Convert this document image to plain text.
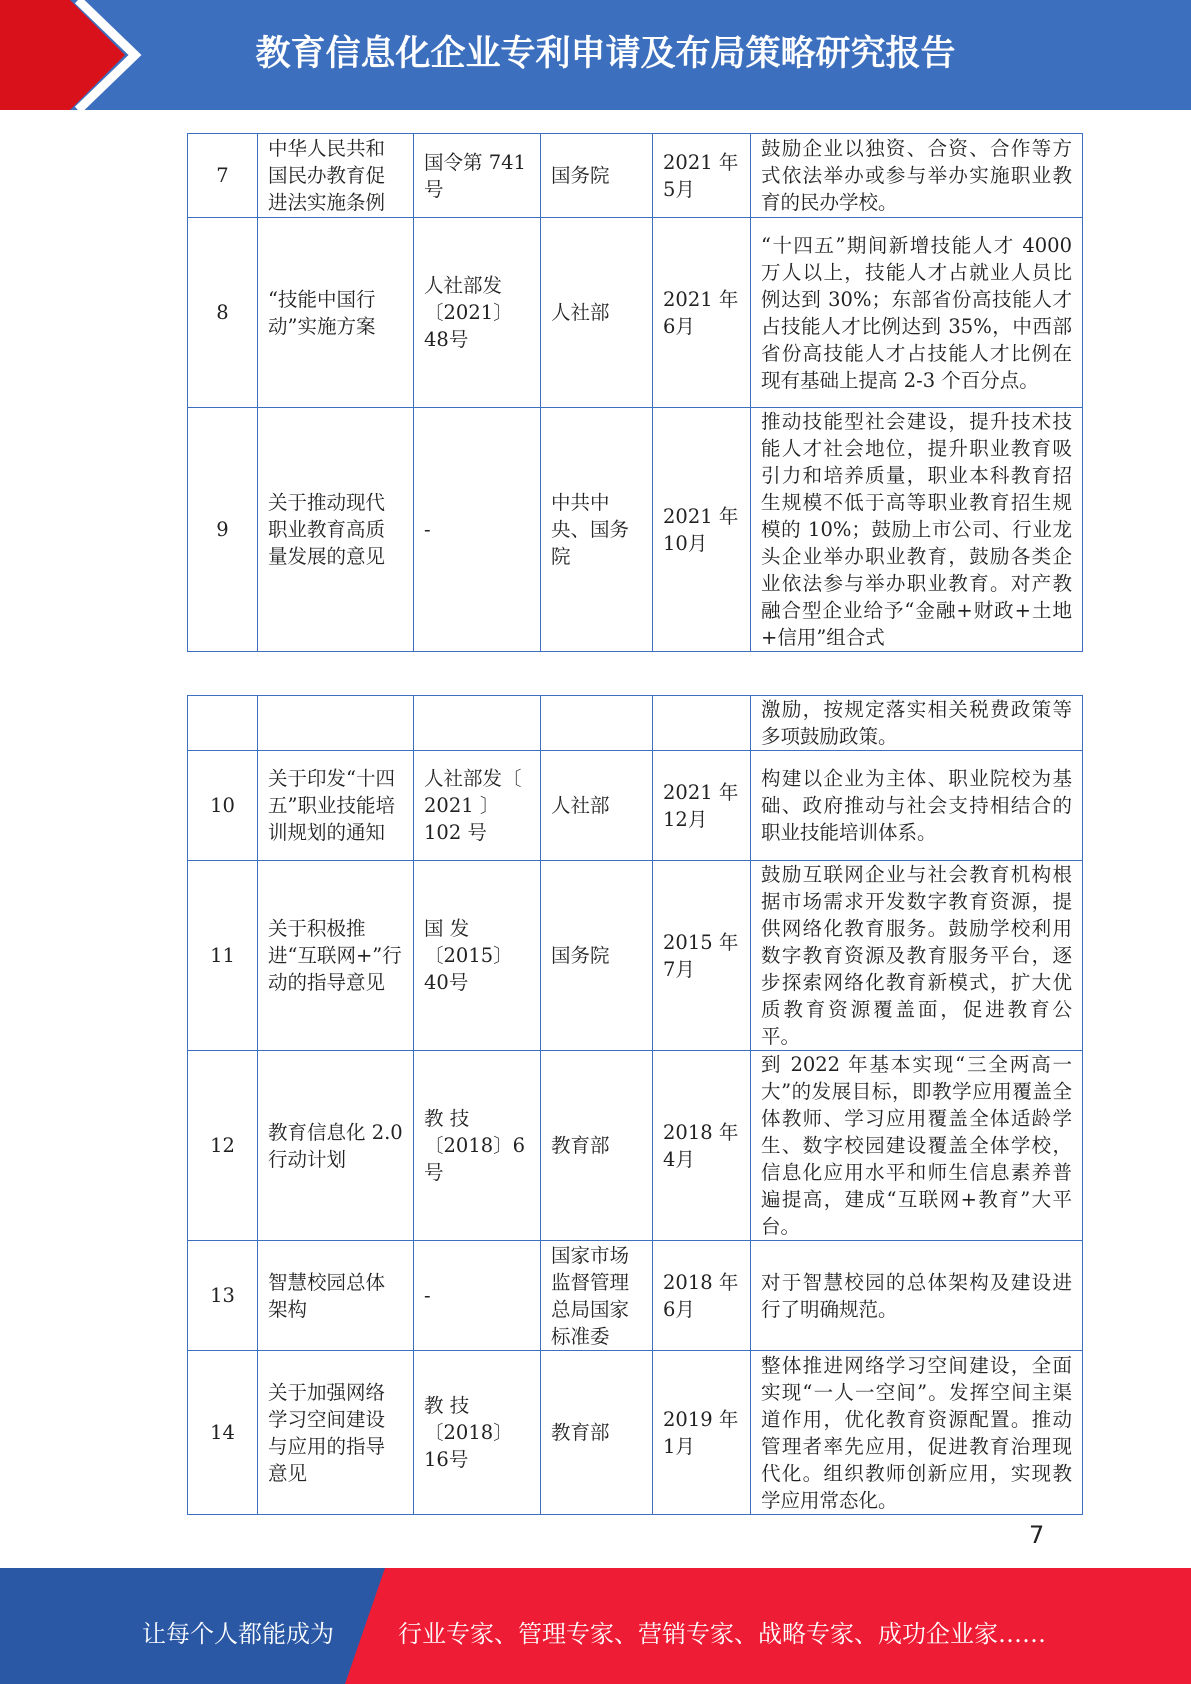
教育信息化企业专利申请及布局策略研究报告
7	中华人民共和国民办教育促进法实施条例	国令第 741 号	国务院	2021 年 5月	鼓励企业以独资、合资、合作等方式依法举办或参与举办实施职业教育的民办学校。
8	“技能中国行动”实施方案	人社部发〔2021〕48号	人社部	2021 年 6月	“十四五”期间新增技能人才 4000 万人以上，技能人才占就业人员比例达到 30%；东部省份高技能人才占技能人才比例达到 35%，中西部省份高技能人才占技能人才比例在现有基础上提高 2-3 个百分点。
9	关于推动现代职业教育高质量发展的意见	-	中共中央、国务院	2021 年 10月	推动技能型社会建设，提升技术技能人才社会地位，提升职业教育吸引力和培养质量，职业本科教育招生规模不低于高等职业教育招生规模的 10%；鼓励上市公司、行业龙头企业举办职业教育，鼓励各类企业依法参与举办职业教育。对产教融合型企业给予“金融+财政+土地+信用”组合式
					激励，按规定落实相关税费政策等多项鼓励政策。
10	关于印发“十四五”职业技能培训规划的通知	人社部发〔 2021 〕102 号	人社部	2021 年 12月	构建以企业为主体、职业院校为基础、政府推动与社会支持相结合的职业技能培训体系。
11	关于积极推进“互联网+”行动的指导意见	国 发〔2015〕40号	国务院	2015 年 7月	鼓励互联网企业与社会教育机构根据市场需求开发数字教育资源，提供网络化教育服务。鼓励学校利用数字教育资源及教育服务平台，逐步探索网络化教育新模式，扩大优质教育资源覆盖面，促进教育公平。
12	教育信息化 2.0 行动计划	教 技〔2018〕6号	教育部	2018 年 4月	到 2022 年基本实现“三全两高一大”的发展目标，即教学应用覆盖全体教师、学习应用覆盖全体适龄学生、数字校园建设覆盖全体学校，信息化应用水平和师生信息素养普遍提高，建成“互联网+教育”大平台。
13	智慧校园总体架构	-	国家市场监督管理总局国家标准委	2018 年 6月	对于智慧校园的总体架构及建设进行了明确规范。
14	关于加强网络学习空间建设与应用的指导意见	教 技〔2018〕16号	教育部	2019 年 1月	整体推进网络学习空间建设，全面实现“一人一空间”。发挥空间主渠道作用，优化教育资源配置。推动管理者率先应用，促进教育治理现代化。组织教师创新应用，实现教学应用常态化。
7
让每个人都能成为	行业专家、管理专家、营销专家、战略专家、成功企业家……
